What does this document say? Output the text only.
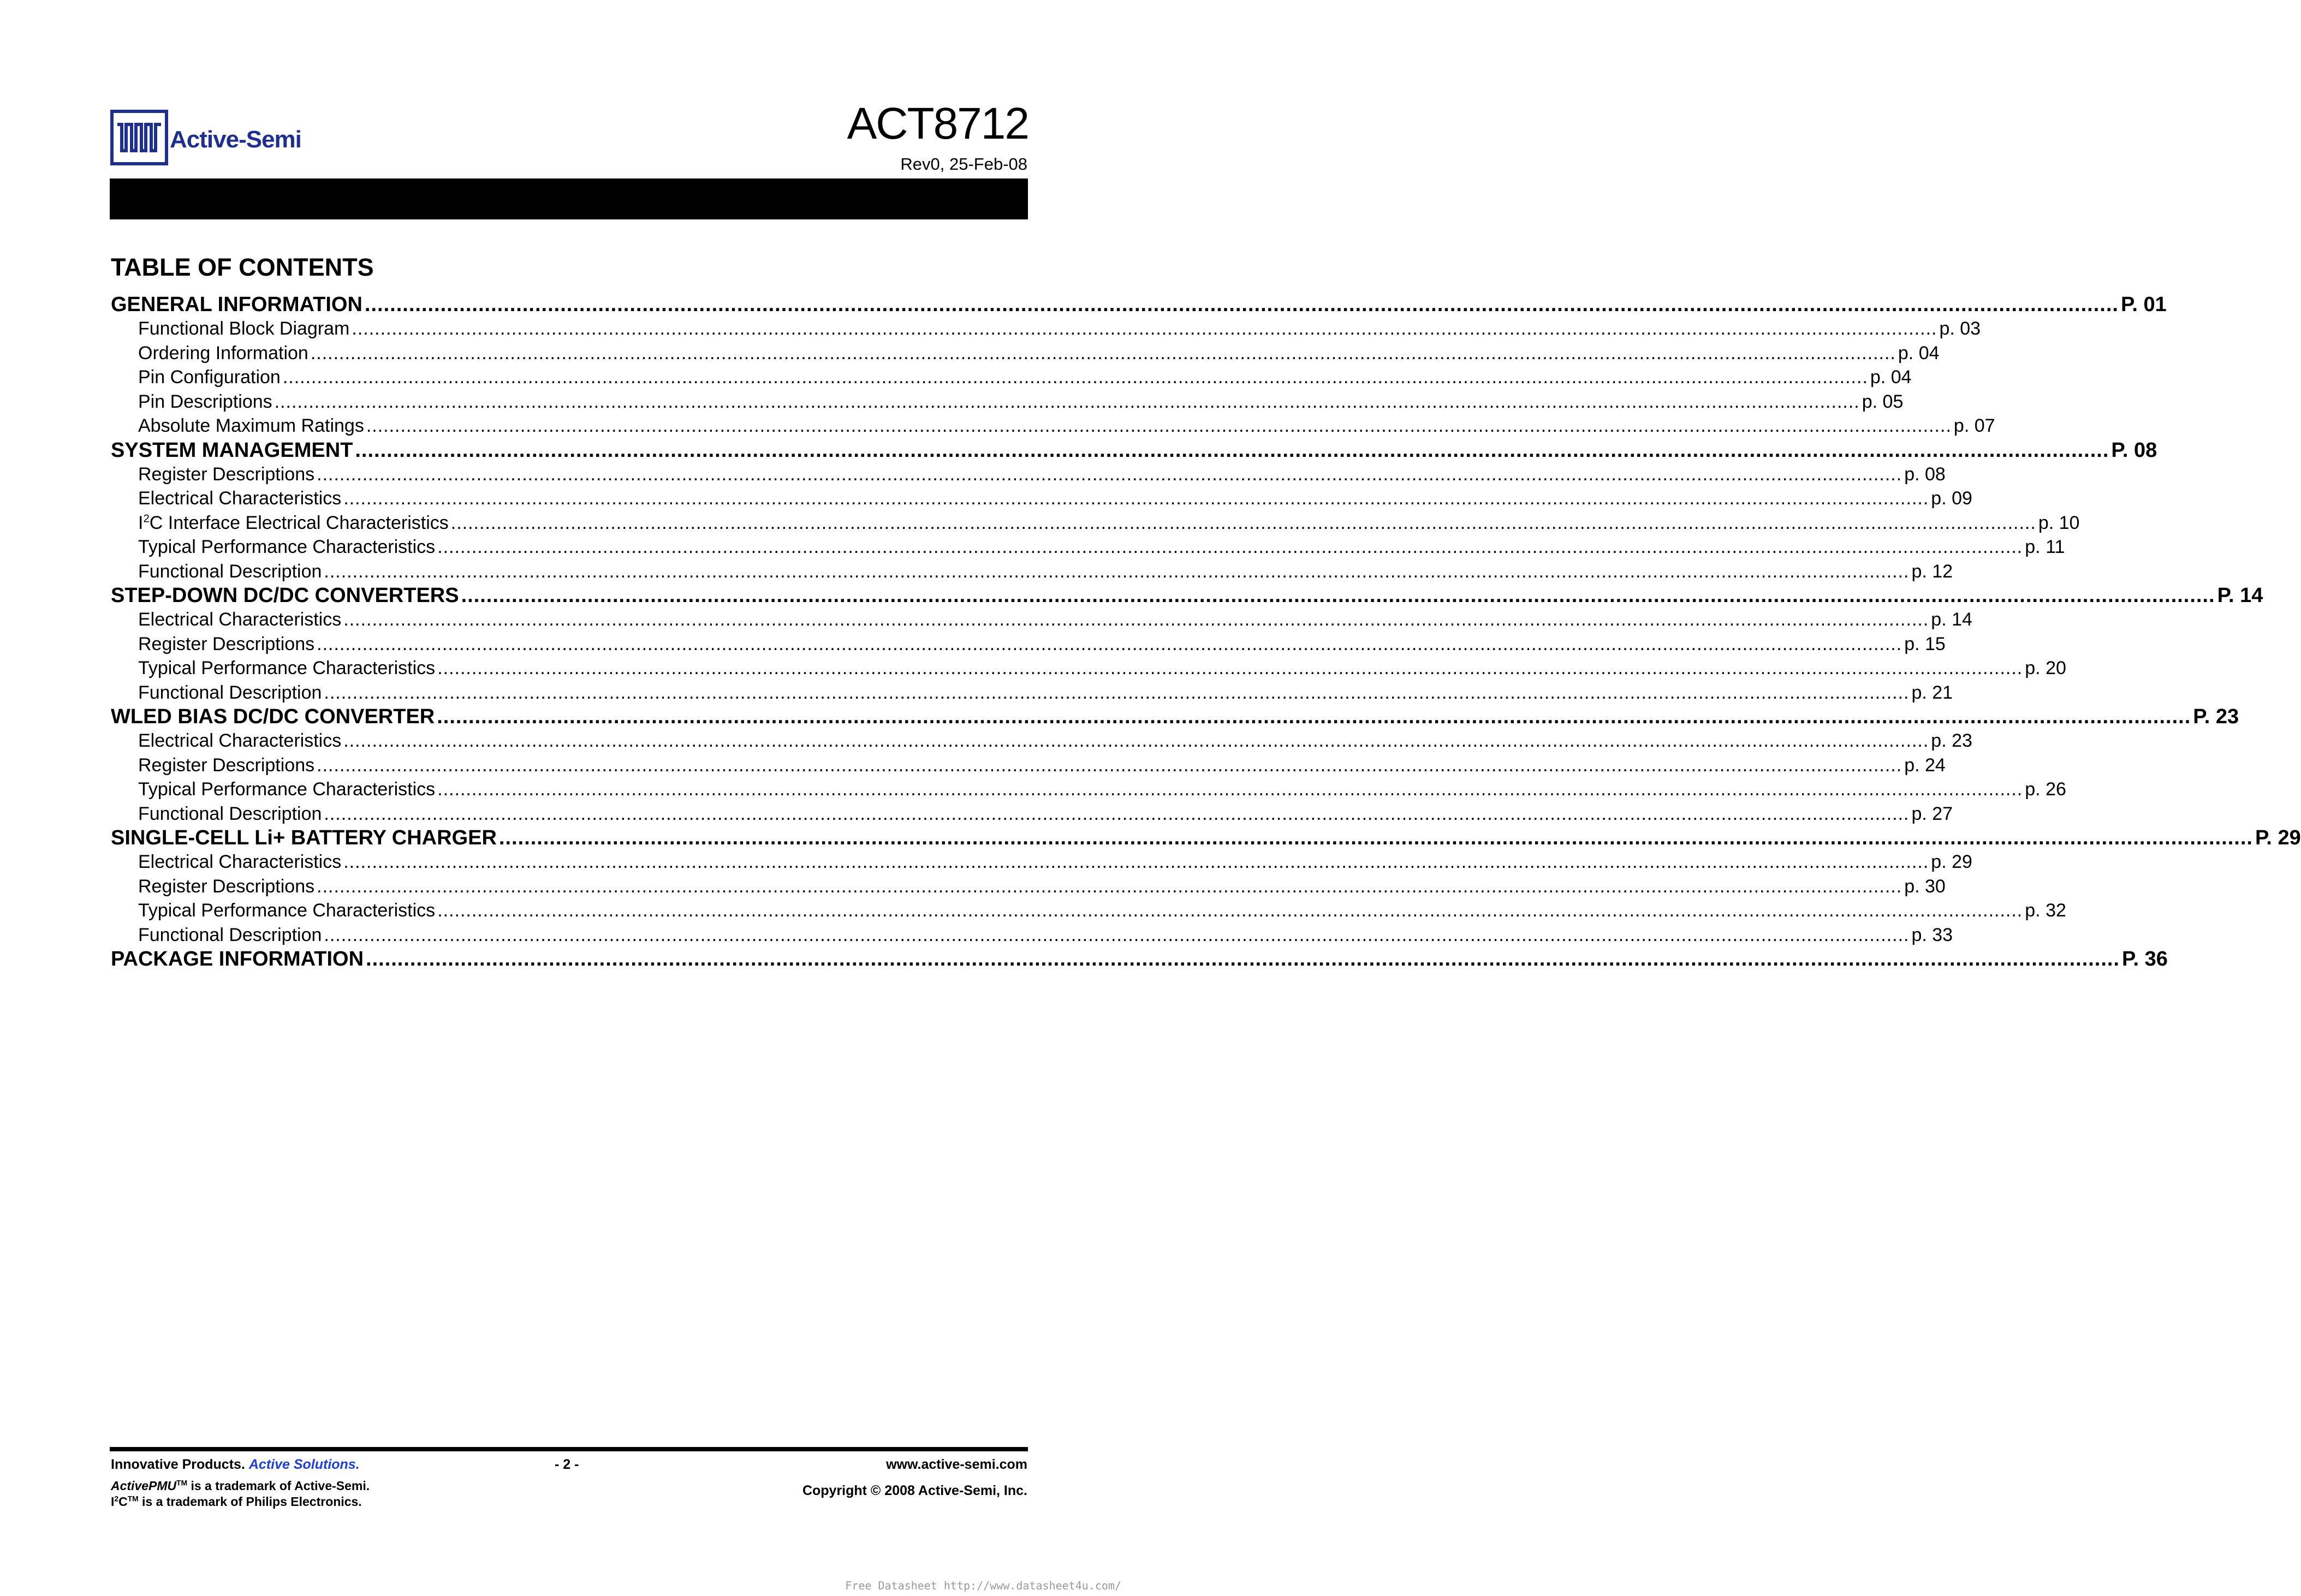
Active-Semi	ACT8712
Rev0, 25-Feb-08
TABLE OF CONTENTS
GENERAL INFORMATION .....	P. 01
Functional Block Diagram .....	p. 03
Ordering Information .....	p. 04
Pin Configuration .....	p. 04
Pin Descriptions .....	p. 05
Absolute Maximum Ratings .....	p. 07
SYSTEM MANAGEMENT .....	P. 08
Register Descriptions .....	p. 08
Electrical Characteristics .....	p. 09
$I^2C$ Interface Electrical Characteristics .....	p. 10
Typical Performance Characteristics .....	p. 11
Functional Description .....	p. 12
STEP-DOWN DC/DC CONVERTERS .....	P. 14
Electrical Characteristics .....	p. 14
Register Descriptions .....	p. 15
Typical Performance Characteristics .....	p. 20
Functional Description .....	p. 21
WLED BIAS DC/DC CONVERTER .....	P. 23
Electrical Characteristics .....	p. 23
Register Descriptions .....	p. 24
Typical Performance Characteristics .....	p. 26
Functional Description .....	p. 27
SINGLE-CELL Li+ BATTERY CHARGER .....	P. 29
Electrical Characteristics .....	p. 29
Register Descriptions .....	p. 30
Typical Performance Characteristics .....	p. 32
Functional Description .....	p. 33
PACKAGE INFORMATION .....	P. 36
Innovative Products. Active Solutions.	- 2 -	www.active-semi.com
ActivePMU™ is a trademark of Active-Semi.
$I^2C™$ is a trademark of Philips Electronics.
Copyright © 2008 Active-Semi, Inc.
Free Datasheet http://www.datasheet4u.com/
